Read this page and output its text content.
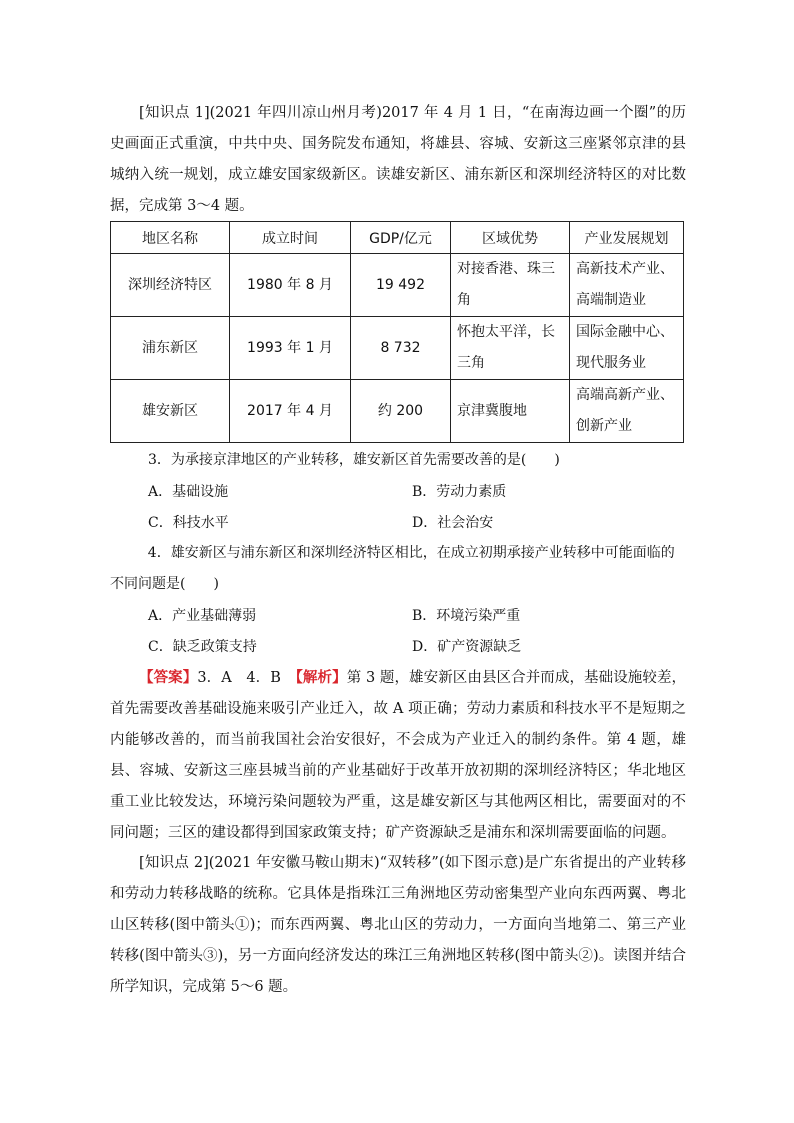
[知识点 1](2021 年四川凉山州月考)2017 年 4 月 1 日，“在南海边画一个圈”的历史画面正式重演，中共中央、国务院发布通知，将雄县、容城、安新这三座紧邻京津的县城纳入统一规划，成立雄安国家级新区。读雄安新区、浦东新区和深圳经济特区的对比数据，完成第 3～4 题。

地区名称	成立时间	GDP/亿元	区域优势	产业发展规划
深圳经济特区	1980 年 8 月	19 492	对接香港、珠三角	高新技术产业、高端制造业
浦东新区	1993 年 1 月	8 732	怀抱太平洋，长三角	国际金融中心、现代服务业
雄安新区	2017 年 4 月	约 200	京津冀腹地	高端高新产业、创新产业

3．为承接京津地区的产业转移，雄安新区首先需要改善的是(　　)

A．基础设施	B．劳动力素质
C．科技水平	D．社会治安

4．雄安新区与浦东新区和深圳经济特区相比，在成立初期承接产业转移中可能面临的不同问题是(　　)

A．产业基础薄弱	B．环境污染严重
C．缺乏政策支持	D．矿产资源缺乏

【答案】3．A　4．B　【解析】第 3 题，雄安新区由县区合并而成，基础设施较差，首先需要改善基础设施来吸引产业迁入，故 A 项正确；劳动力素质和科技水平不是短期之内能够改善的，而当前我国社会治安很好，不会成为产业迁入的制约条件。第 4 题，雄县、容城、安新这三座县城当前的产业基础好于改革开放初期的深圳经济特区；华北地区重工业比较发达，环境污染问题较为严重，这是雄安新区与其他两区相比，需要面对的不同问题；三区的建设都得到国家政策支持；矿产资源缺乏是浦东和深圳需要面临的问题。

[知识点 2](2021 年安徽马鞍山期末)“双转移”(如下图示意)是广东省提出的产业转移和劳动力转移战略的统称。它具体是指珠江三角洲地区劳动密集型产业向东西两翼、粤北山区转移(图中箭头①)；而东西两翼、粤北山区的劳动力，一方面向当地第二、第三产业转移(图中箭头③)，另一方面向经济发达的珠江三角洲地区转移(图中箭头②)。读图并结合所学知识，完成第 5～6 题。
